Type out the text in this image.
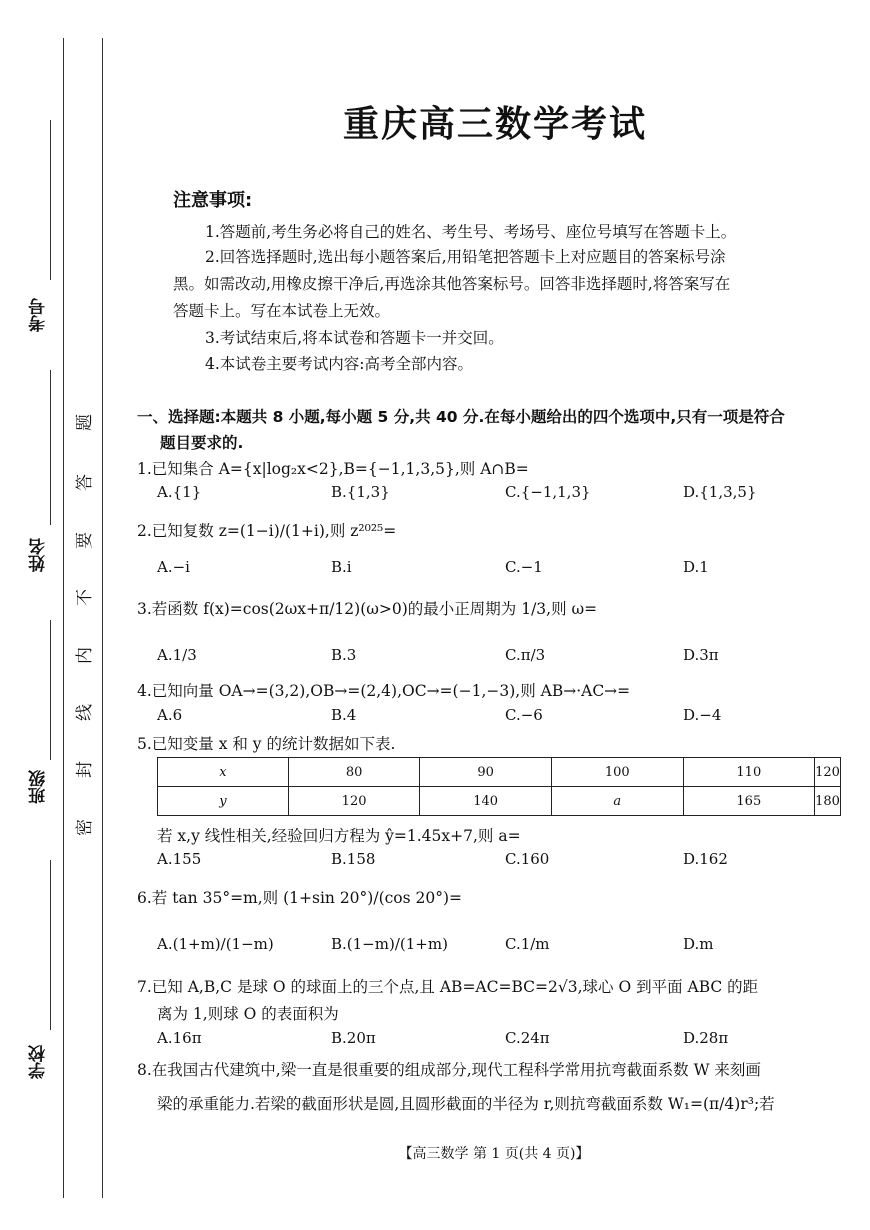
考号
姓名
班级
学校
题
答
要
不
内
线
封
密
重庆高三数学考试
注意事项:
1.答题前,考生务必将自己的姓名、考生号、考场号、座位号填写在答题卡上。
2.回答选择题时,选出每小题答案后,用铅笔把答题卡上对应题目的答案标号涂
黑。如需改动,用橡皮擦干净后,再选涂其他答案标号。回答非选择题时,将答案写在
答题卡上。写在本试卷上无效。
3.考试结束后,将本试卷和答题卡一并交回。
4.本试卷主要考试内容:高考全部内容。
一、选择题:本题共 8 小题,每小题 5 分,共 40 分.在每小题给出的四个选项中,只有一项是符合
题目要求的.
1.已知集合 A={x|log₂x<2},B={−1,1,3,5},则 A∩B=
A.{1}	B.{1,3}	C.{−1,1,3}	D.{1,3,5}
2.已知复数 z=(1−i)/(1+i),则 z²⁰²⁵=
A.−i	B.i	C.−1	D.1
3.若函数 f(x)=cos(2ωx+π/12)(ω>0)的最小正周期为 1/3,则 ω=
A.1/3	B.3	C.π/3	D.3π
4.已知向量 OA→=(3,2),OB→=(2,4),OC→=(−1,−3),则 AB→·AC→=
A.6	B.4	C.−6	D.−4
5.已知变量 x 和 y 的统计数据如下表.
x	80	90	100	110	120
y	120	140	a	165	180
若 x,y 线性相关,经验回归方程为 ŷ=1.45x+7,则 a=
A.155	B.158	C.160	D.162
6.若 tan 35°=m,则 (1+sin 20°)/(cos 20°)=
A.(1+m)/(1−m)	B.(1−m)/(1+m)	C.1/m	D.m
7.已知 A,B,C 是球 O 的球面上的三个点,且 AB=AC=BC=2√3,球心 O 到平面 ABC 的距
离为 1,则球 O 的表面积为
A.16π	B.20π	C.24π	D.28π
8.在我国古代建筑中,梁一直是很重要的组成部分,现代工程科学常用抗弯截面系数 W 来刻画
梁的承重能力.若梁的截面形状是圆,且圆形截面的半径为 r,则抗弯截面系数 W₁=(π/4)r³;若
【高三数学 第 1 页(共 4 页)】
